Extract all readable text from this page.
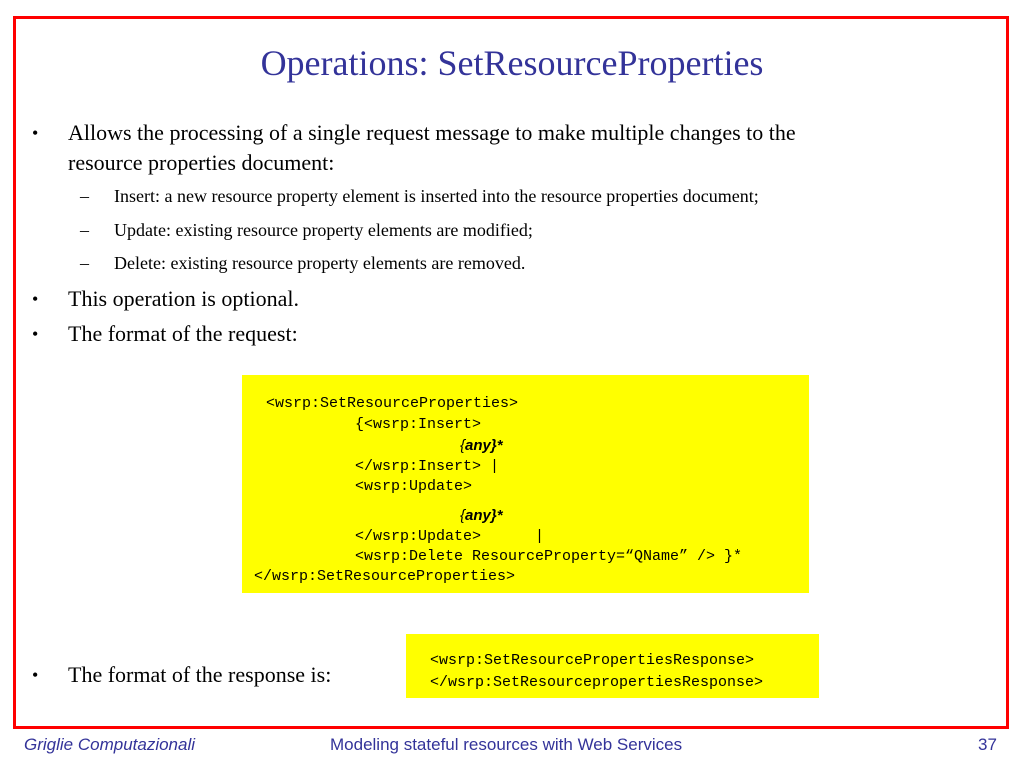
Operations: SetResourceProperties
• Allows the processing of a single request message to make multiple changes to the
resource properties document:
– Insert: a new resource property element is inserted into the resource properties document;
– Update: existing resource property elements are modified;
– Delete: existing resource property elements are removed.
• This operation is optional.
• The format of the request:
<wsrp:SetResourceProperties>
{<wsrp:Insert>
{any}*
</wsrp:Insert> |
<wsrp:Update>
{any}*
</wsrp:Update>      |
<wsrp:Delete ResourceProperty=“QName” /> }*
</wsrp:SetResourceProperties>
• The format of the response is:
<wsrp:SetResourcePropertiesResponse>
</wsrp:SetResourcepropertiesResponse>
Griglie Computazionali	Modeling stateful resources with Web Services	37
